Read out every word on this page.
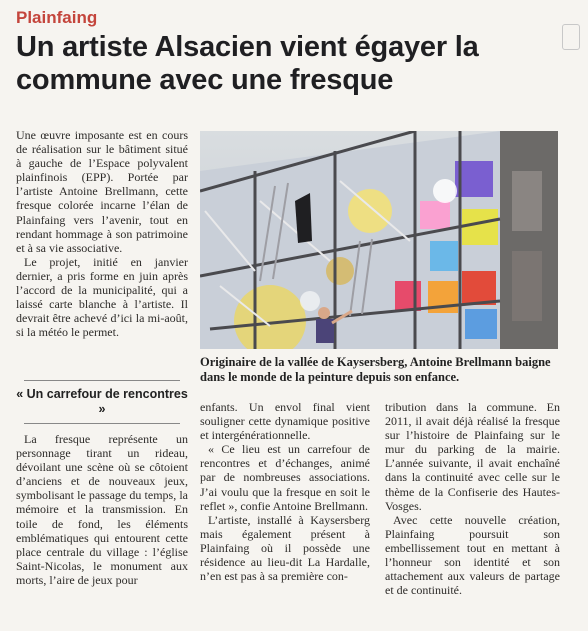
Plainfaing
Un artiste Alsacien vient égayer la commune avec une fresque

Une œuvre imposante est en cours de réalisation sur le bâtiment situé à gauche de l’Espace polyvalent plainfinois (EPP). Portée par l’artiste Antoine Brellmann, cette fresque colorée incarne l’élan de Plainfaing vers l’avenir, tout en rendant hommage à son patrimoine et à sa vie associative.

Le projet, initié en janvier dernier, a pris forme en juin après l’accord de la municipalité, qui a laissé carte blanche à l’artiste. Il devrait être achevé d’ici la mi-août, si la météo le permet.

« Un carrefour de rencontres »

La fresque représente un personnage tirant un rideau, dévoilant une scène où se côtoient d’anciens et de nouveaux jeux, symbolisant le passage du temps, la mémoire et la transmission. En toile de fond, les éléments emblématiques qui entourent cette place centrale du village : l’église Saint-Nicolas, le monument aux morts, l’aire de jeux pour

Originaire de la vallée de Kaysersberg, Antoine Brellmann baigne dans le monde de la peinture depuis son enfance.

enfants. Un envol final vient souligner cette dynamique positive et intergénérationnelle.

« Ce lieu est un carrefour de rencontres et d’échanges, animé par de nombreuses associations. J’ai voulu que la fresque en soit le reflet », confie Antoine Brellmann.

L’artiste, installé à Kaysersberg mais également présent à Plainfaing où il possède une résidence au lieu-dit La Hardalle, n’en est pas à sa première con-

tribution dans la commune. En 2011, il avait déjà réalisé la fresque sur l’histoire de Plainfaing sur le mur du parking de la mairie. L’année suivante, il avait enchaîné dans la continuité avec celle sur le thème de la Confiserie des Hautes-Vosges.

Avec cette nouvelle création, Plainfaing poursuit son embellissement tout en mettant à l’honneur son identité et son attachement aux valeurs de partage et de continuité.
